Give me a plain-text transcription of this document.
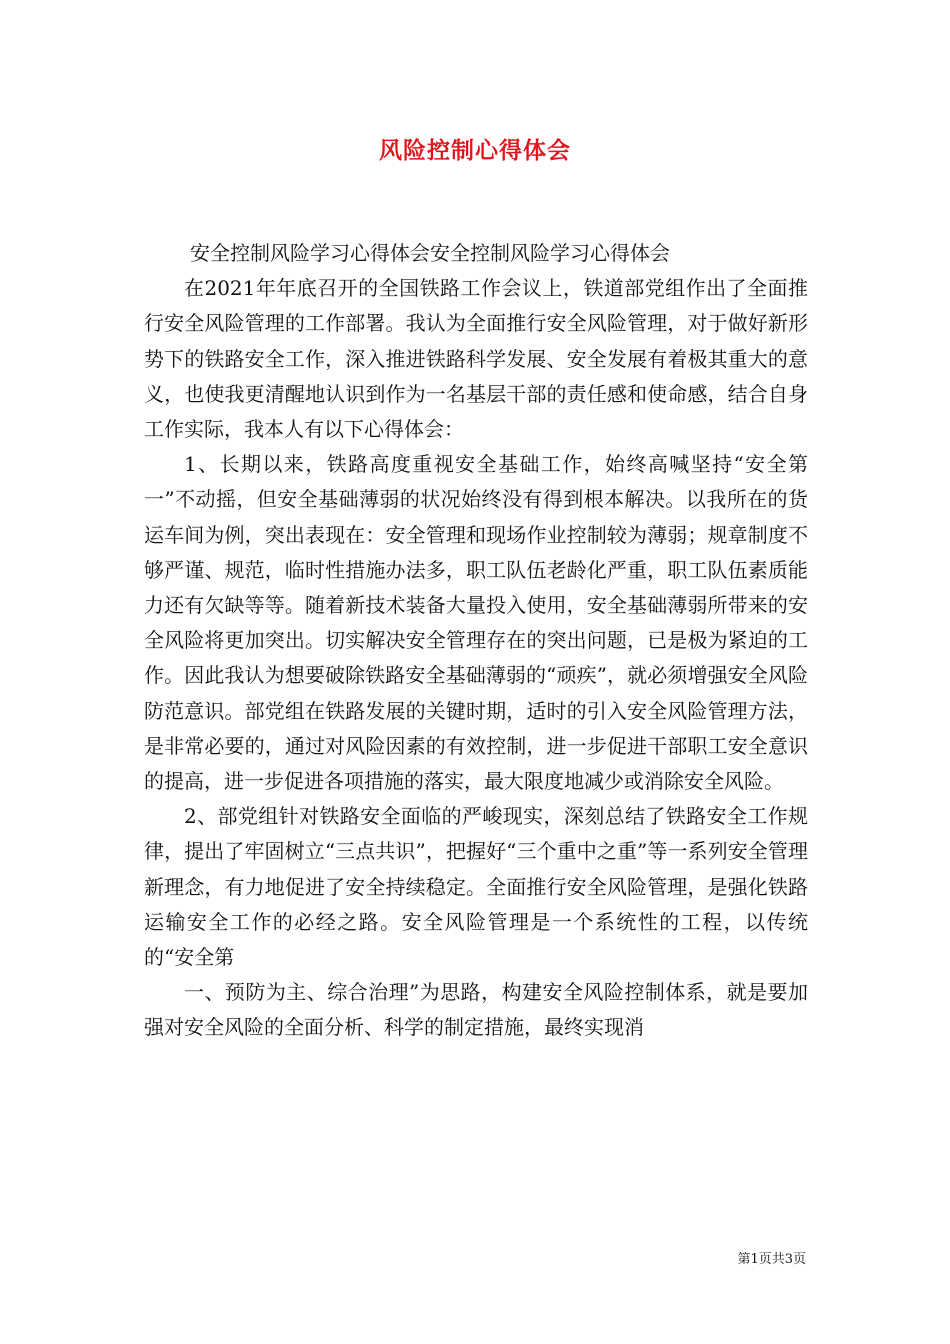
风险控制心得体会

安全控制风险学习心得体会安全控制风险学习心得体会

在2021年年底召开的全国铁路工作会议上，铁道部党组作出了全面推行安全风险管理的工作部署。我认为全面推行安全风险管理，对于做好新形势下的铁路安全工作，深入推进铁路科学发展、安全发展有着极其重大的意义，也使我更清醒地认识到作为一名基层干部的责任感和使命感，结合自身工作实际，我本人有以下心得体会：

1、长期以来，铁路高度重视安全基础工作，始终高喊坚持“安全第一”不动摇，但安全基础薄弱的状况始终没有得到根本解决。以我所在的货运车间为例，突出表现在：安全管理和现场作业控制较为薄弱；规章制度不够严谨、规范，临时性措施办法多，职工队伍老龄化严重，职工队伍素质能力还有欠缺等等。随着新技术装备大量投入使用，安全基础薄弱所带来的安全风险将更加突出。切实解决安全管理存在的突出问题，已是极为紧迫的工作。因此我认为想要破除铁路安全基础薄弱的“顽疾”，就必须增强安全风险防范意识。部党组在铁路发展的关键时期，适时的引入安全风险管理方法，是非常必要的，通过对风险因素的有效控制，进一步促进干部职工安全意识的提高，进一步促进各项措施的落实，最大限度地减少或消除安全风险。

2、部党组针对铁路安全面临的严峻现实，深刻总结了铁路安全工作规律，提出了牢固树立“三点共识”，把握好“三个重中之重”等一系列安全管理新理念，有力地促进了安全持续稳定。全面推行安全风险管理，是强化铁路运输安全工作的必经之路。安全风险管理是一个系统性的工程，以传统的“安全第

一、预防为主、综合治理”为思路，构建安全风险控制体系，就是要加强对安全风险的全面分析、科学的制定措施，最终实现消

第1页共3页
